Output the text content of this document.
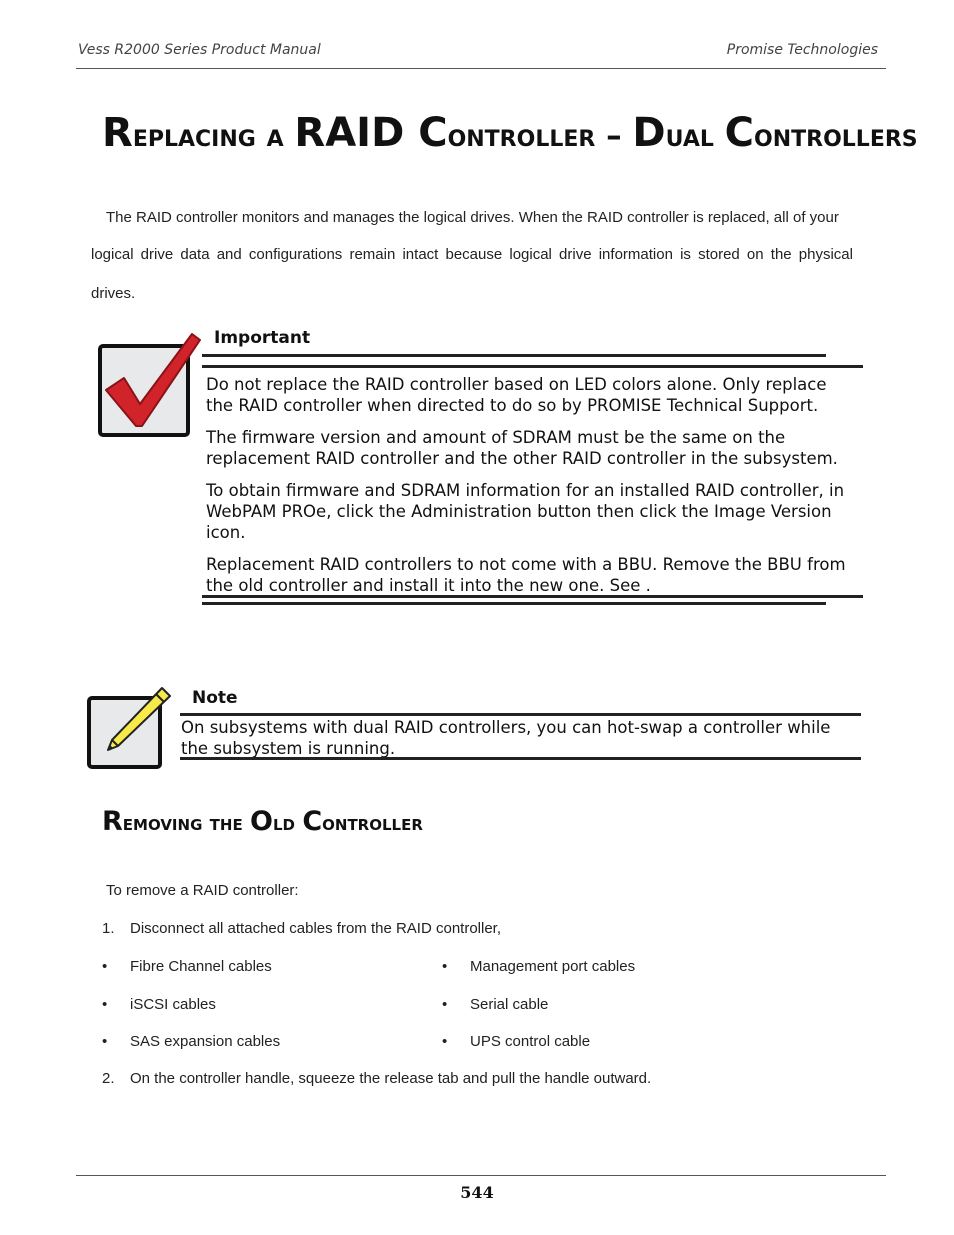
Vess R2000 Series Product Manual	Promise Technologies
Replacing a RAID Controller – Dual Controllers
The RAID controller monitors and manages the logical drives. When the RAID controller is replaced, all of your
logical drive data and configurations remain intact because logical drive information is stored on the physical
drives.
Important

Do not replace the RAID controller based on LED colors alone. Only replace
the RAID controller when directed to do so by PROMISE Technical Support.

The firmware version and amount of SDRAM must be the same on the
replacement RAID controller and the other RAID controller in the subsystem.

To obtain firmware and SDRAM information for an installed RAID controller, in
WebPAM PROe, click the Administration button then click the Image Version
icon.

Replacement RAID controllers to not come with a BBU. Remove the BBU from
the old controller and install it into the new one. See .

Note
On subsystems with dual RAID controllers, you can hot-swap a controller while
the subsystem is running.
Removing the Old Controller
To remove a RAID controller:
1. Disconnect all attached cables from the RAID controller,
• Fibre Channel cables	• Management port cables
• iSCSI cables	• Serial cable
• SAS expansion cables	• UPS control cable
2. On the controller handle, squeeze the release tab and pull the handle outward.
544
